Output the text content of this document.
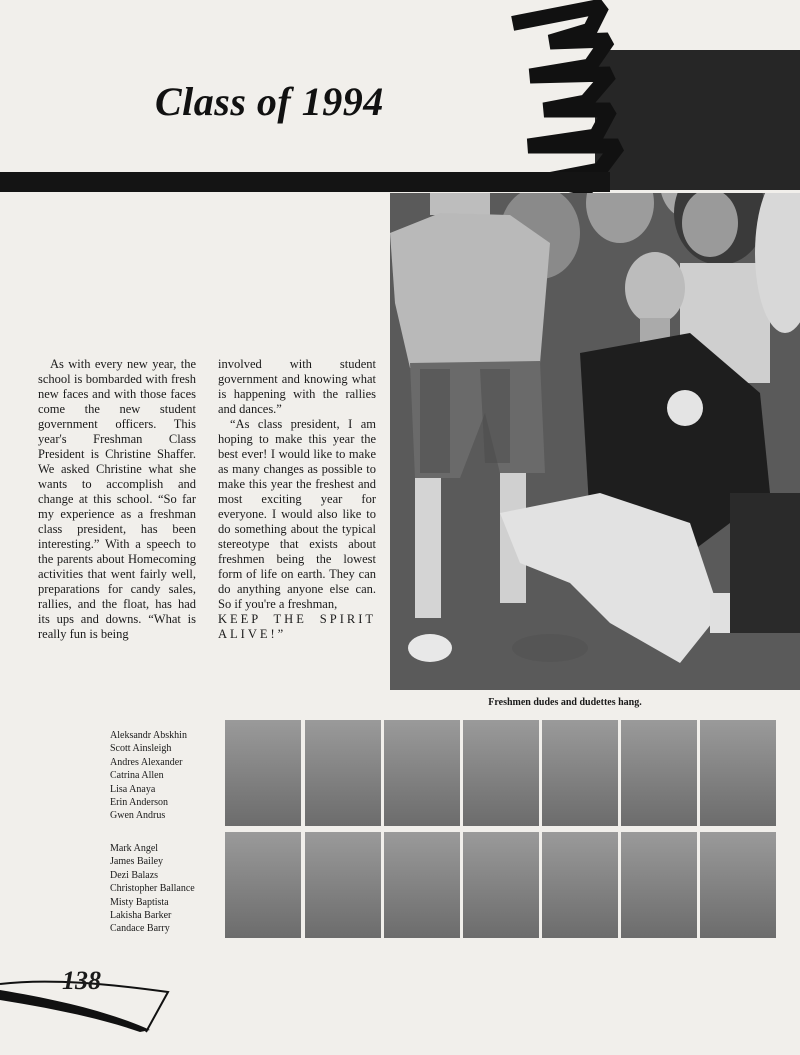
Class of 1994

As with every new year, the school is bombarded with fresh new faces and with those faces come the new student government officers. This year's Freshman Class President is Christine Shaffer. We asked Christine what she wants to accomplish and change at this school. “So far my experience as a freshman class president, has been interesting.” With a speech to the parents about Homecoming activities that went fairly well, preparations for candy sales, rallies, and the float, has had its ups and downs. “What is really fun is being

involved with student government and knowing what is happening with the rallies and dances.”

“As class president, I am hoping to make this year the best ever! I would like to make as many changes as possible to make this year the freshest and most exciting year for everyone. I would also like to do something about the typical stereotype that exists about freshmen being the lowest form of life on earth. They can do anything anyone else can. So if you're a freshman,

KEEP THE SPIRIT ALIVE!”
Freshmen dudes and dudettes hang.
Aleksandr Abskhin
Scott Ainsleigh
Andres Alexander
Catrina Allen
Lisa Anaya
Erin Anderson
Gwen Andrus
Mark Angel
James Bailey
Dezi Balazs
Christopher Ballance
Misty Baptista
Lakisha Barker
Candace Barry
138
